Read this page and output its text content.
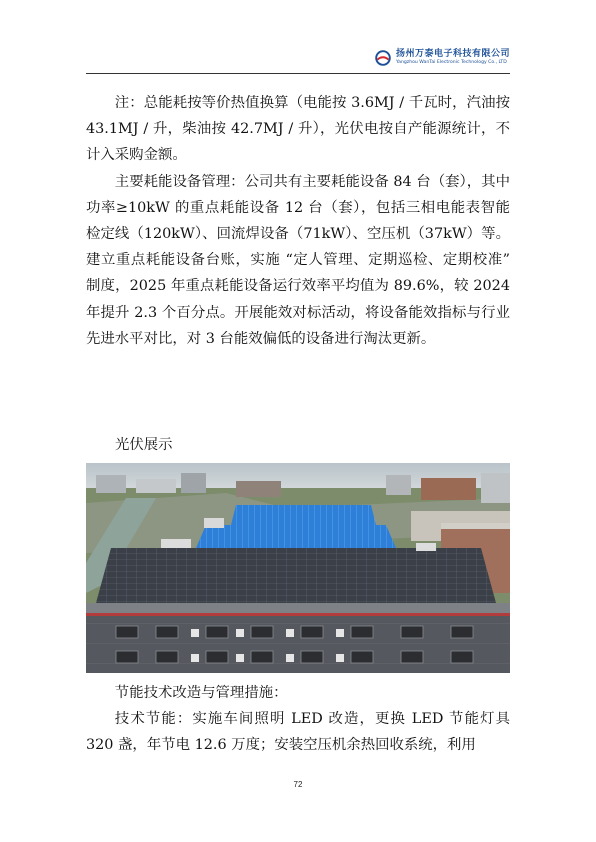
扬州万泰电子科技有限公司
Yangzhou WanTai Electronic Technology Co., LTD

注：总能耗按等价热值换算（电能按 3.6MJ / 千瓦时，汽油按 43.1MJ / 升，柴油按 42.7MJ / 升），光伏电按自产能源统计，不计入采购金额。

主要耗能设备管理：公司共有主要耗能设备 84 台（套），其中功率≥10kW 的重点耗能设备 12 台（套），包括三相电能表智能检定线（120kW）、回流焊设备（71kW）、空压机（37kW）等。建立重点耗能设备台账，实施 “定人管理、定期巡检、定期校准” 制度，2025 年重点耗能设备运行效率平均值为 89.6%，较 2024 年提升 2.3 个百分点。开展能效对标活动，将设备能效指标与行业先进水平对比，对 3 台能效偏低的设备进行淘汰更新。

光伏展示

节能技术改造与管理措施：

技术节能：实施车间照明 LED 改造，更换 LED 节能灯具 320 盏，年节电 12.6 万度；安装空压机余热回收系统，利用

72
